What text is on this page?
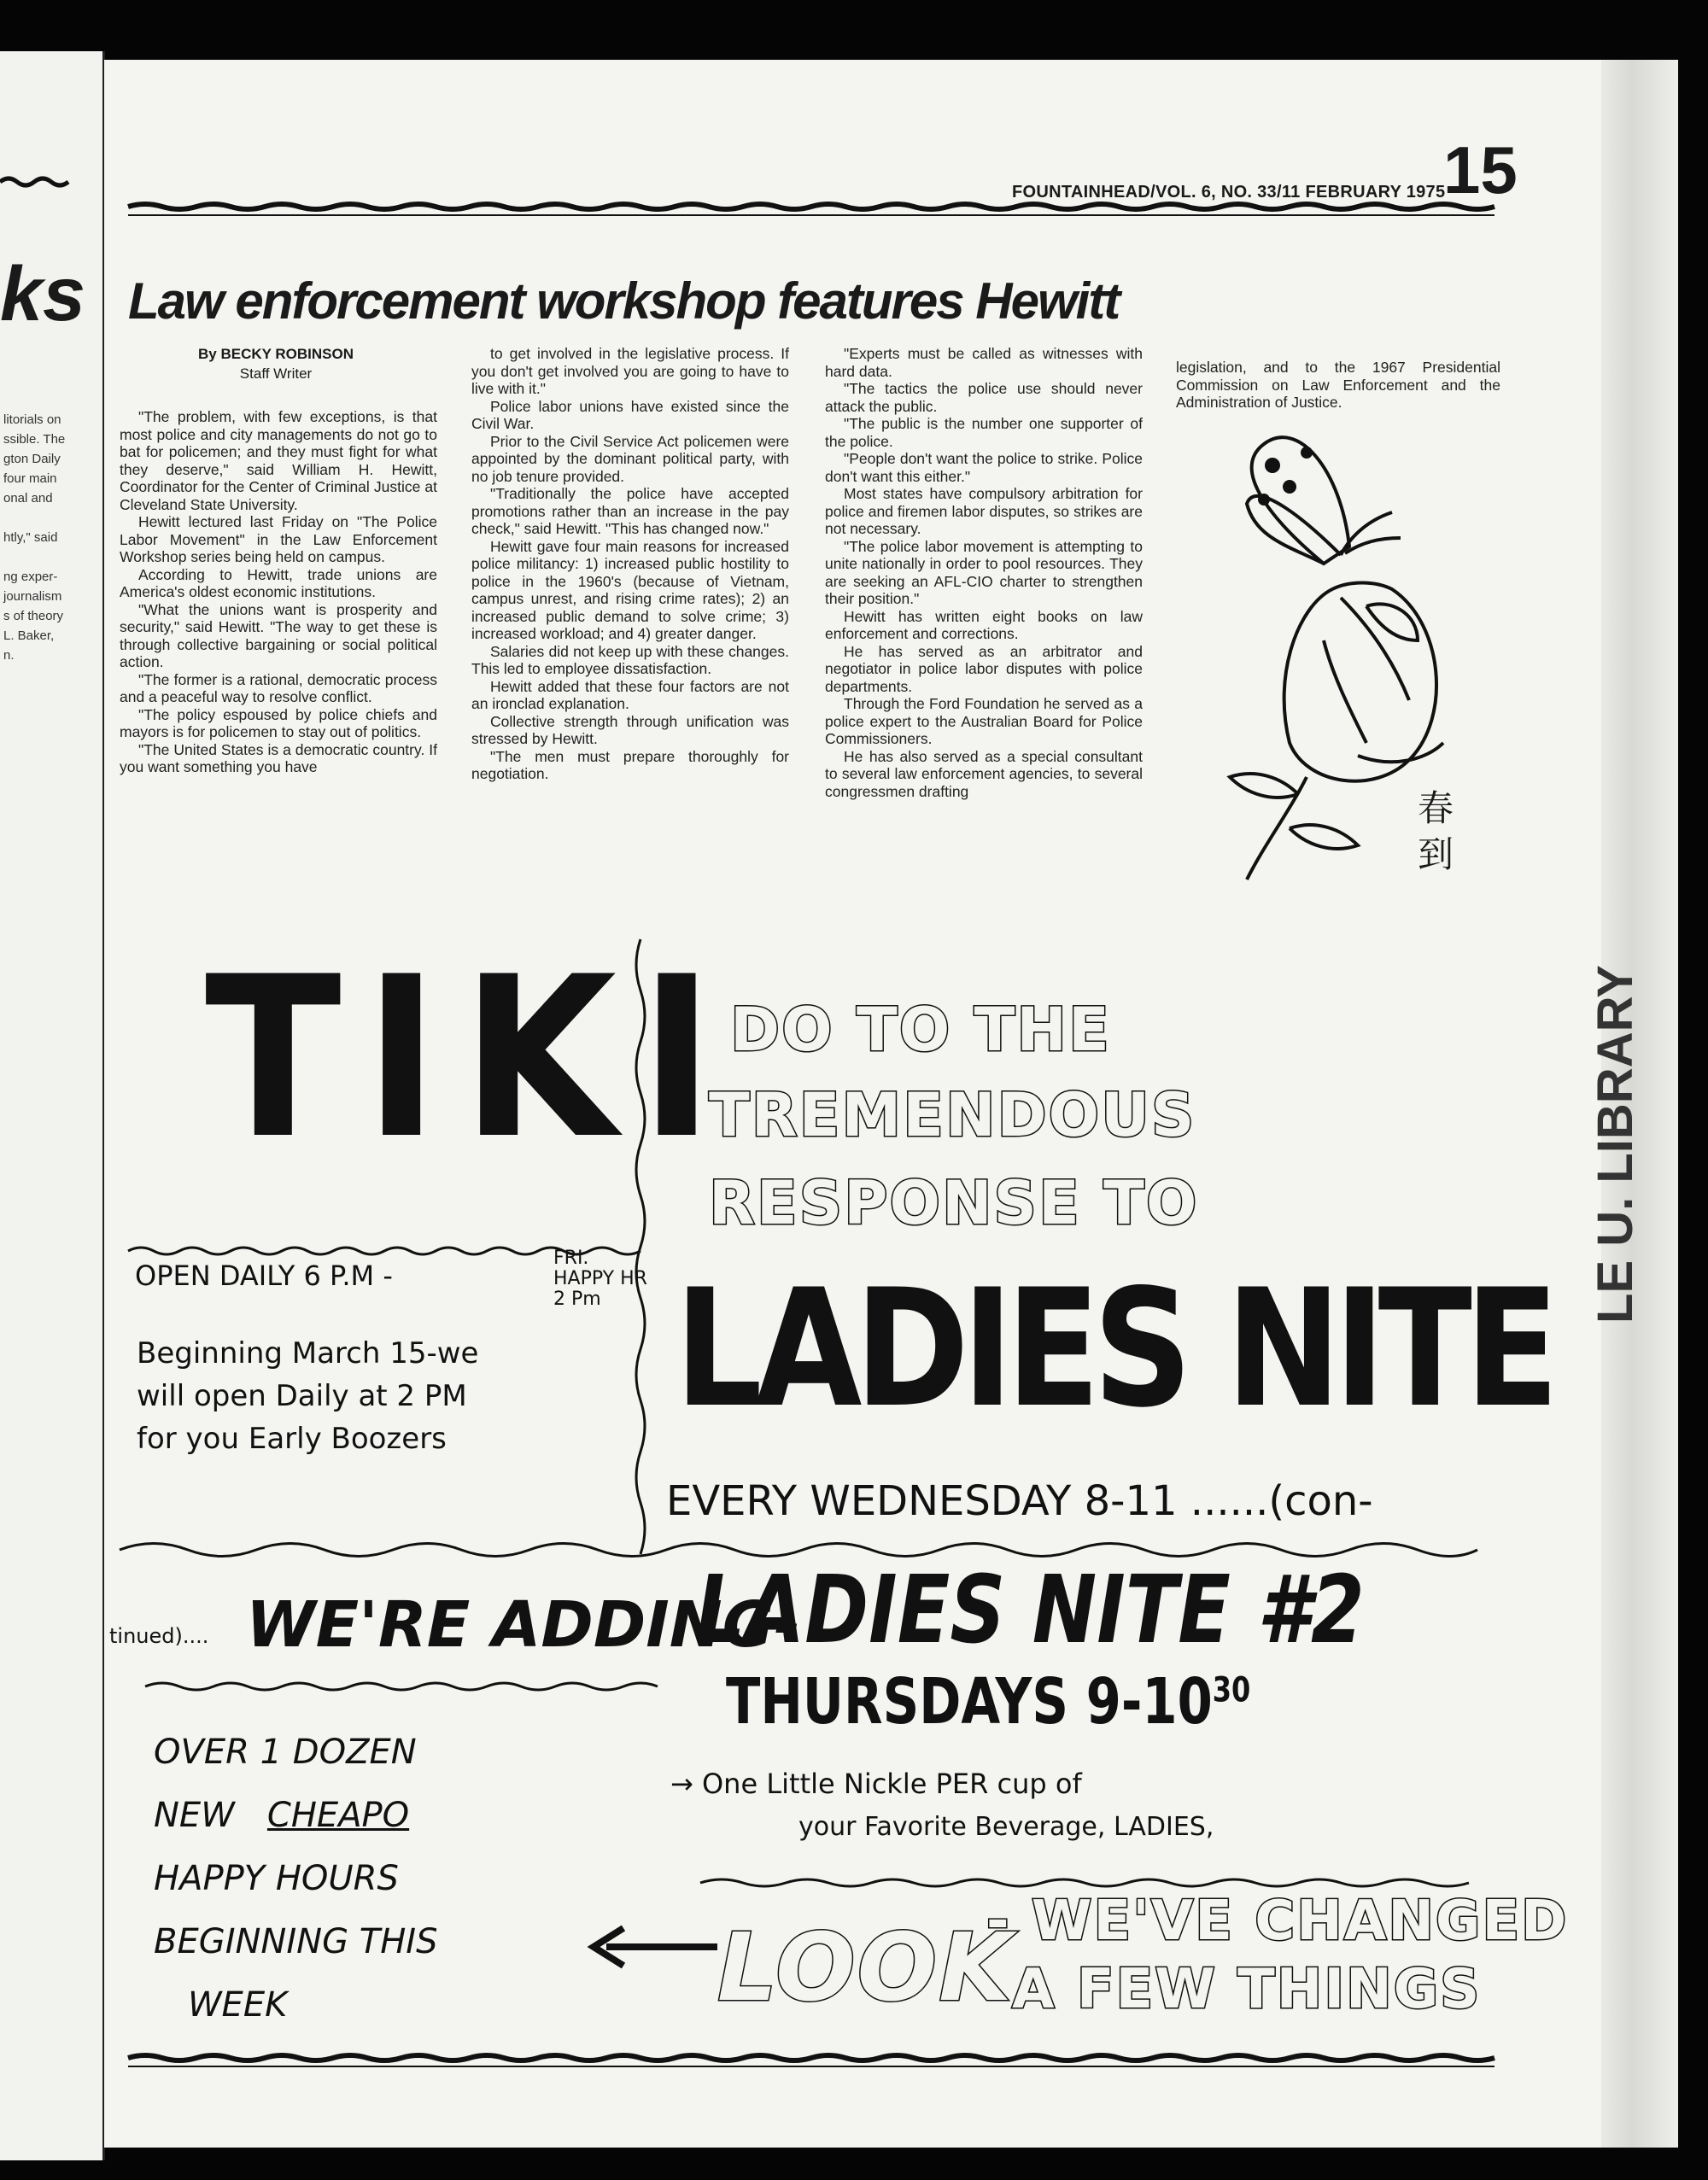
ks
litorials on
ssible. The
gton Daily
four main
onal and
htly," said
ng exper-
journalism
s of theory
L. Baker,
n.
LE U. LIBRARY
15
FOUNTAINHEAD/VOL. 6, NO. 33/11 FEBRUARY 1975
Law enforcement workshop features Hewitt
By BECKY ROBINSON
Staff Writer

"The problem, with few exceptions, is that most police and city managements do not go to bat for policemen; and they must fight for what they deserve," said William H. Hewitt, Coordinator for the Center of Criminal Justice at Cleveland State University.

Hewitt lectured last Friday on "The Police Labor Movement" in the Law Enforcement Workshop series being held on campus.

According to Hewitt, trade unions are America's oldest economic institutions.

"What the unions want is prosperity and security," said Hewitt. "The way to get these is through collective bargaining or social political action.

"The former is a rational, democratic process and a peaceful way to resolve conflict.

"The policy espoused by police chiefs and mayors is for policemen to stay out of politics.

"The United States is a democratic country. If you want something you have

to get involved in the legislative process. If you don't get involved you are going to have to live with it."

Police labor unions have existed since the Civil War.

Prior to the Civil Service Act policemen were appointed by the dominant political party, with no job tenure provided.

"Traditionally the police have accepted promotions rather than an increase in the pay check," said Hewitt. "This has changed now."

Hewitt gave four main reasons for increased police militancy: 1) increased public hostility to police in the 1960's (because of Vietnam, campus unrest, and rising crime rates); 2) an increased public demand to solve crime; 3) increased workload; and 4) greater danger.

Salaries did not keep up with these changes. This led to employee dissatisfaction.

Hewitt added that these four factors are not an ironclad explanation.

Collective strength through unification was stressed by Hewitt.

"The men must prepare thoroughly for negotiation.

"Experts must be called as witnesses with hard data.

"The tactics the police use should never attack the public.

"The public is the number one supporter of the police.

"People don't want the police to strike. Police don't want this either."

Most states have compulsory arbitration for police and firemen labor disputes, so strikes are not necessary.

"The police labor movement is attempting to unite nationally in order to pool resources. They are seeking an AFL-CIO charter to strengthen their position."

Hewitt has written eight books on law enforcement and corrections.

He has served as an arbitrator and negotiator in police labor disputes with police departments.

Through the Ford Foundation he served as a police expert to the Australian Board for Police Commissioners.

He has also served as a special consultant to several law enforcement agencies, to several congressmen drafting

legislation, and to the 1967 Presidential Commission on Law Enforcement and the Administration of Justice.

春到
TIKI
OPEN DAILY 6 P.M -
FRI.
HAPPY HR
2 Pm
Beginning March 15-we
will open Daily at 2 PM
for you Early Boozers
DO TO THE
TREMENDOUS
RESPONSE TO
LADIES NITE
EVERY WEDNESDAY 8-11 ......(con-
tinued).... WE'RE ADDING-
LADIES NITE #2
THURSDAYS $9-10^{30}$
→ One Little Nickle PER cup of
your Favorite Beverage, LADIES,
OVER 1 DOZEN
NEW CHEAPO
HAPPY HOURS
BEGINNING THIS
WEEK	LOOK
- WE'VE CHANGED
A FEW THINGS
